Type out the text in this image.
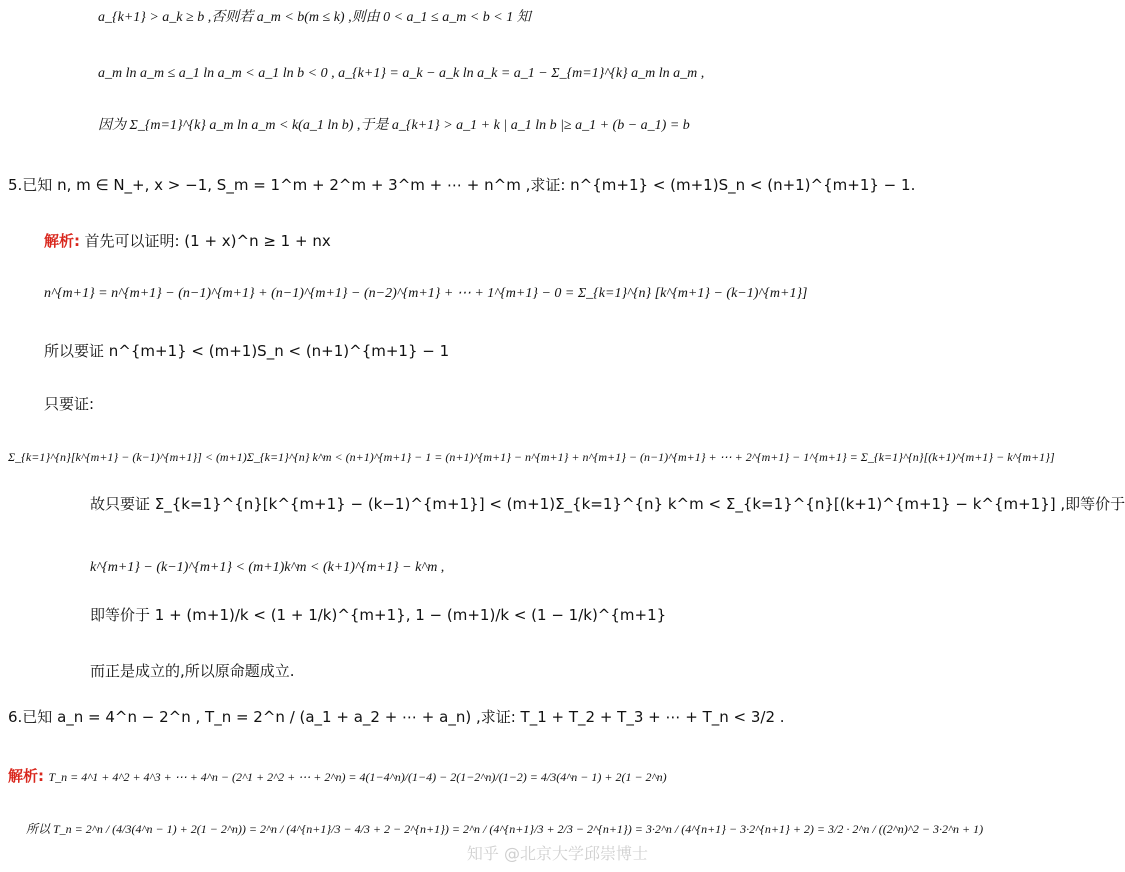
a_{k+1} > a_k ≥ b ,否则若 a_m < b(m ≤ k) ,则由 0 < a_1 ≤ a_m < b < 1 知
a_m ln a_m ≤ a_1 ln a_m < a_1 ln b < 0 , a_{k+1} = a_k − a_k ln a_k = a_1 − Σ_{m=1}^{k} a_m ln a_m ,
因为 Σ_{m=1}^{k} a_m ln a_m < k(a_1 ln b) ,于是 a_{k+1} > a_1 + k | a_1 ln b |≥ a_1 + (b − a_1) = b
5.已知 n, m ∈ N_+, x > −1, S_m = 1^m + 2^m + 3^m + ⋯ + n^m ,求证: n^{m+1} < (m+1)S_n < (n+1)^{m+1} − 1.
解析: 首先可以证明: (1 + x)^n ≥ 1 + nx
n^{m+1} = n^{m+1} − (n−1)^{m+1} + (n−1)^{m+1} − (n−2)^{m+1} + ⋯ + 1^{m+1} − 0 = Σ_{k=1}^{n} [k^{m+1} − (k−1)^{m+1}]
所以要证 n^{m+1} < (m+1)S_n < (n+1)^{m+1} − 1
只要证:
Σ_{k=1}^{n}[k^{m+1} − (k−1)^{m+1}] < (m+1)Σ_{k=1}^{n} k^m < (n+1)^{m+1} − 1 = (n+1)^{m+1} − n^{m+1} + n^{m+1} − (n−1)^{m+1} + ⋯ + 2^{m+1} − 1^{m+1} = Σ_{k=1}^{n}[(k+1)^{m+1} − k^{m+1}]
故只要证 Σ_{k=1}^{n}[k^{m+1} − (k−1)^{m+1}] < (m+1)Σ_{k=1}^{n} k^m < Σ_{k=1}^{n}[(k+1)^{m+1} − k^{m+1}] ,即等价于
k^{m+1} − (k−1)^{m+1} < (m+1)k^m < (k+1)^{m+1} − k^m ,
即等价于 1 + (m+1)/k < (1 + 1/k)^{m+1}, 1 − (m+1)/k < (1 − 1/k)^{m+1}
而正是成立的,所以原命题成立.
6.已知 a_n = 4^n − 2^n , T_n = 2^n / (a_1 + a_2 + ⋯ + a_n) ,求证: T_1 + T_2 + T_3 + ⋯ + T_n < 3/2 .
解析: T_n = 4^1 + 4^2 + 4^3 + ⋯ + 4^n − (2^1 + 2^2 + ⋯ + 2^n) = 4(1−4^n)/(1−4) − 2(1−2^n)/(1−2) = 4/3(4^n − 1) + 2(1 − 2^n)
所以 T_n = 2^n / (4/3(4^n − 1) + 2(1 − 2^n)) = 2^n / (4^{n+1}/3 − 4/3 + 2 − 2^{n+1}) = 2^n / (4^{n+1}/3 + 2/3 − 2^{n+1}) = 3·2^n / (4^{n+1} − 3·2^{n+1} + 2) = 3/2 · 2^n / ((2^n)^2 − 3·2^n + 1)
知乎 @北京大学邱崇博士
